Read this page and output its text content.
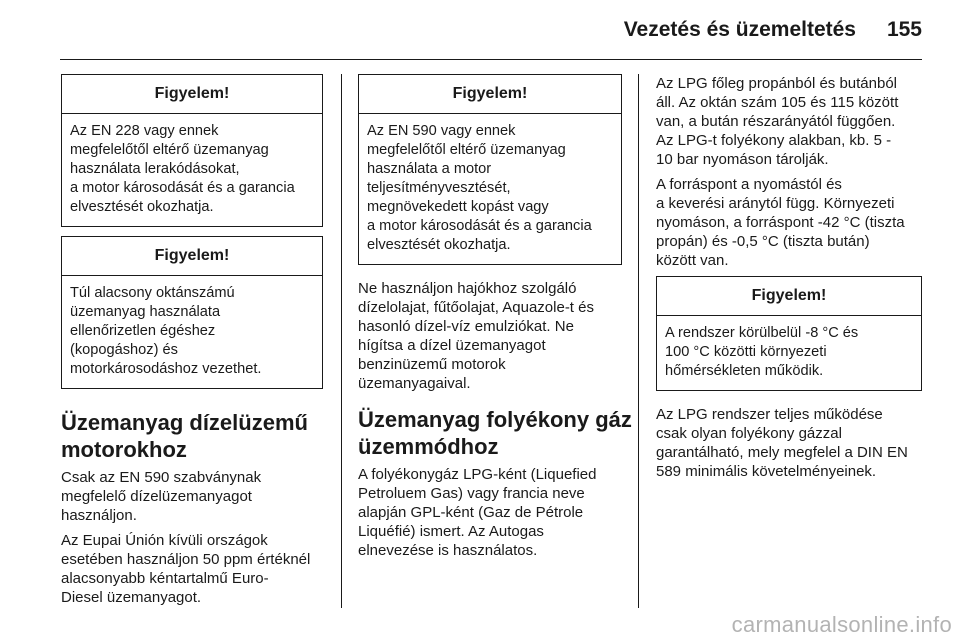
Vezetés és üzemeltetés 155
Figyelem!
Az EN 228 vagy ennek
megfelelőtől eltérő üzemanyag
használata lerakódásokat,
a motor károsodását és a garancia
elvesztését okozhatja.
Figyelem!
Túl alacsony oktánszámú
üzemanyag használata
ellenőrizetlen égéshez
(kopogáshoz) és
motorkárosodáshoz vezethet.
Üzemanyag dízelüzemű
motorokhoz
Csak az EN 590 szabványnak
megfelelő dízelüzemanyagot
használjon.
Az Eupai Únión kívüli országok
esetében használjon 50 ppm értéknél
alacsonyabb kéntartalmű Euro-
Diesel üzemanyagot.
Figyelem!
Az EN 590 vagy ennek
megfelelőtől eltérő üzemanyag
használata a motor
teljesítményvesztését,
megnövekedett kopást vagy
a motor károsodását és a garancia
elvesztését okozhatja.
Ne használjon hajókhoz szolgáló
dízelolajat, fűtőolajat, Aquazole-t és
hasonló dízel-víz emulziókat. Ne
hígítsa a dízel üzemanyagot
benzinüzemű motorok
üzemanyagaival.
Üzemanyag folyékony gáz
üzemmódhoz
A folyékonygáz LPG-ként (Liquefied
Petroluem Gas) vagy francia neve
alapján GPL-ként (Gaz de Pétrole
Liquéfié) ismert. Az Autogas
elnevezése is használatos.
Az LPG főleg propánból és butánból
áll. Az oktán szám 105 és 115 között
van, a bután részarányától függően.
Az LPG-t folyékony alakban, kb. 5 -
10 bar nyomáson tárolják.
A forráspont a nyomástól és
a keverési aránytól függ. Környezeti
nyomáson, a forráspont -42 °C (tiszta
propán) és -0,5 °C (tiszta bután)
között van.
Figyelem!
A rendszer körülbelül -8 °C és
100 °C közötti környezeti
hőmérsékleten működik.
Az LPG rendszer teljes működése
csak olyan folyékony gázzal
garantálható, mely megfelel a DIN EN
589 minimális követelményeinek.
carmanualsonline.info
